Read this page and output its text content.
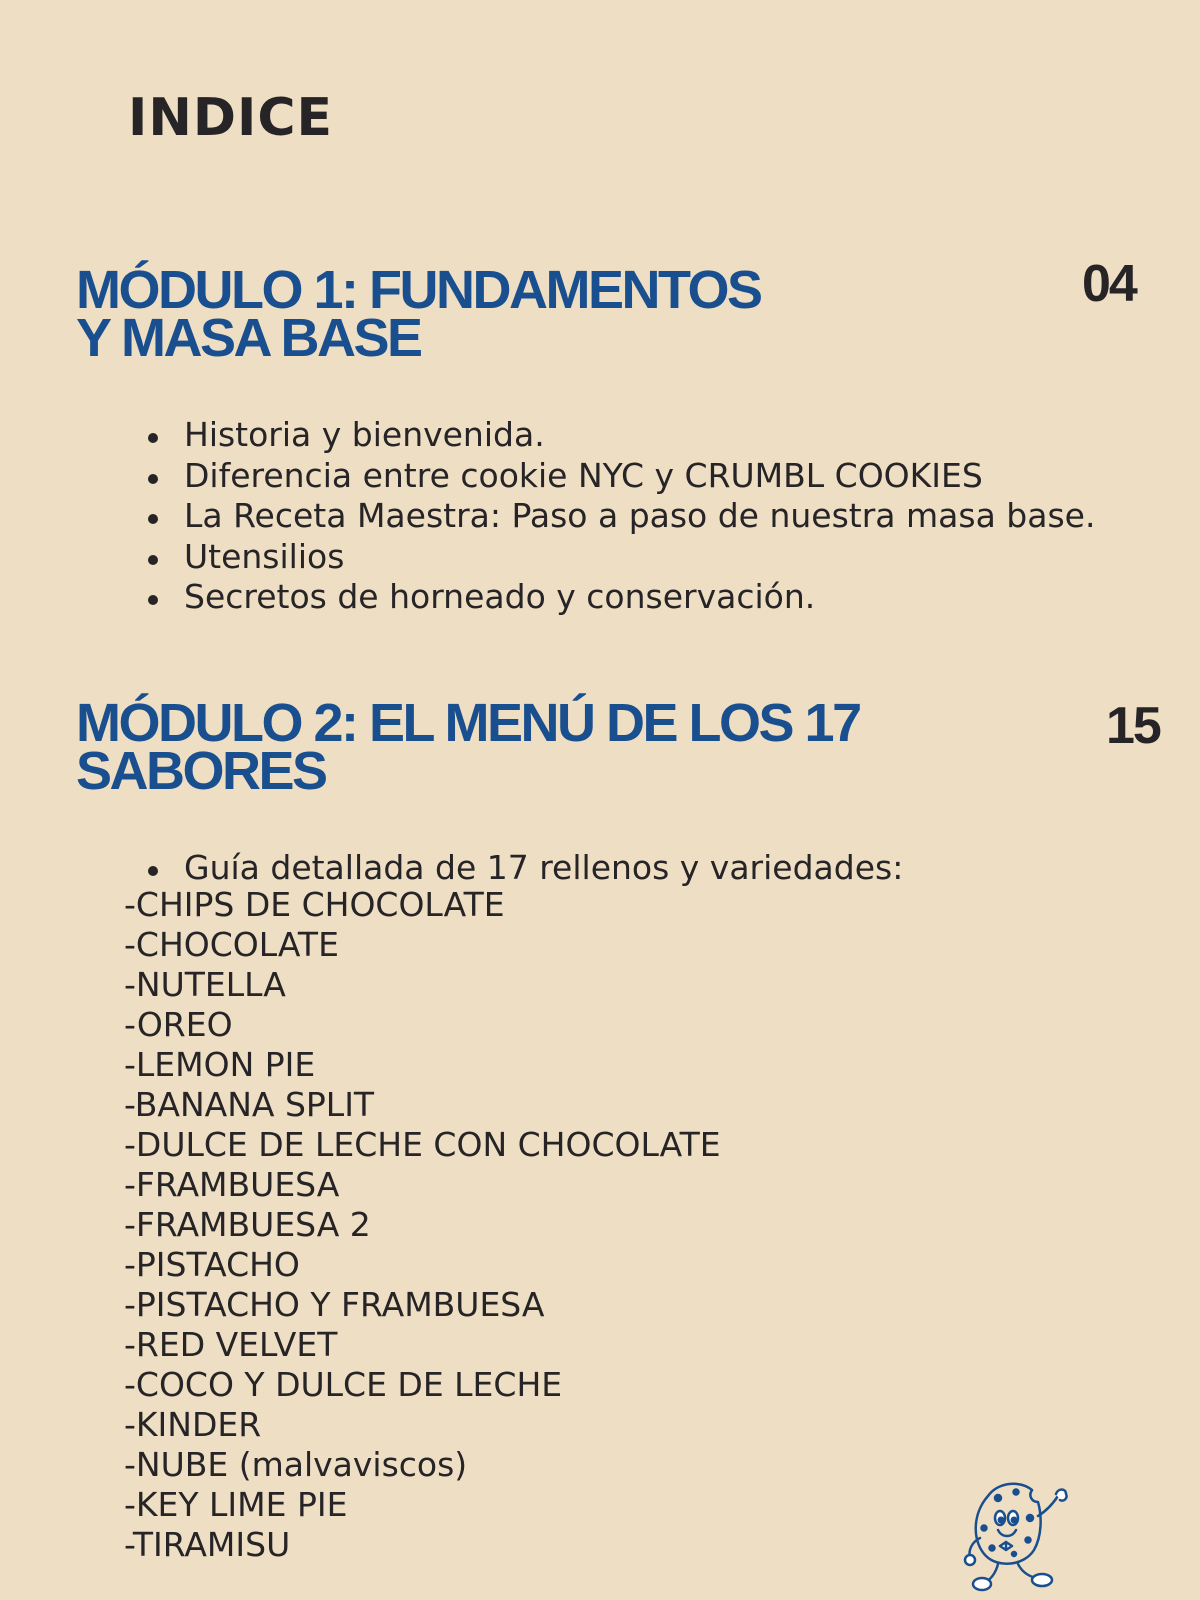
INDICE
MÓDULO 1: FUNDAMENTOS
Y MASA BASE
04
Historia y bienvenida.
Diferencia entre cookie NYC y CRUMBL COOKIES
La Receta Maestra: Paso a paso de nuestra masa base.
Utensilios
Secretos de horneado y conservación.
MÓDULO 2: EL MENÚ DE LOS 17
SABORES
15
Guía detallada de 17 rellenos y variedades:
-CHIPS DE CHOCOLATE
-CHOCOLATE
-NUTELLA
-OREO
-LEMON PIE
-BANANA SPLIT
-DULCE DE LECHE CON CHOCOLATE
-FRAMBUESA
-FRAMBUESA 2
-PISTACHO
-PISTACHO Y FRAMBUESA
-RED VELVET
-COCO Y DULCE DE LECHE
-KINDER
-NUBE (malvaviscos)
-KEY LIME PIE
-TIRAMISU
